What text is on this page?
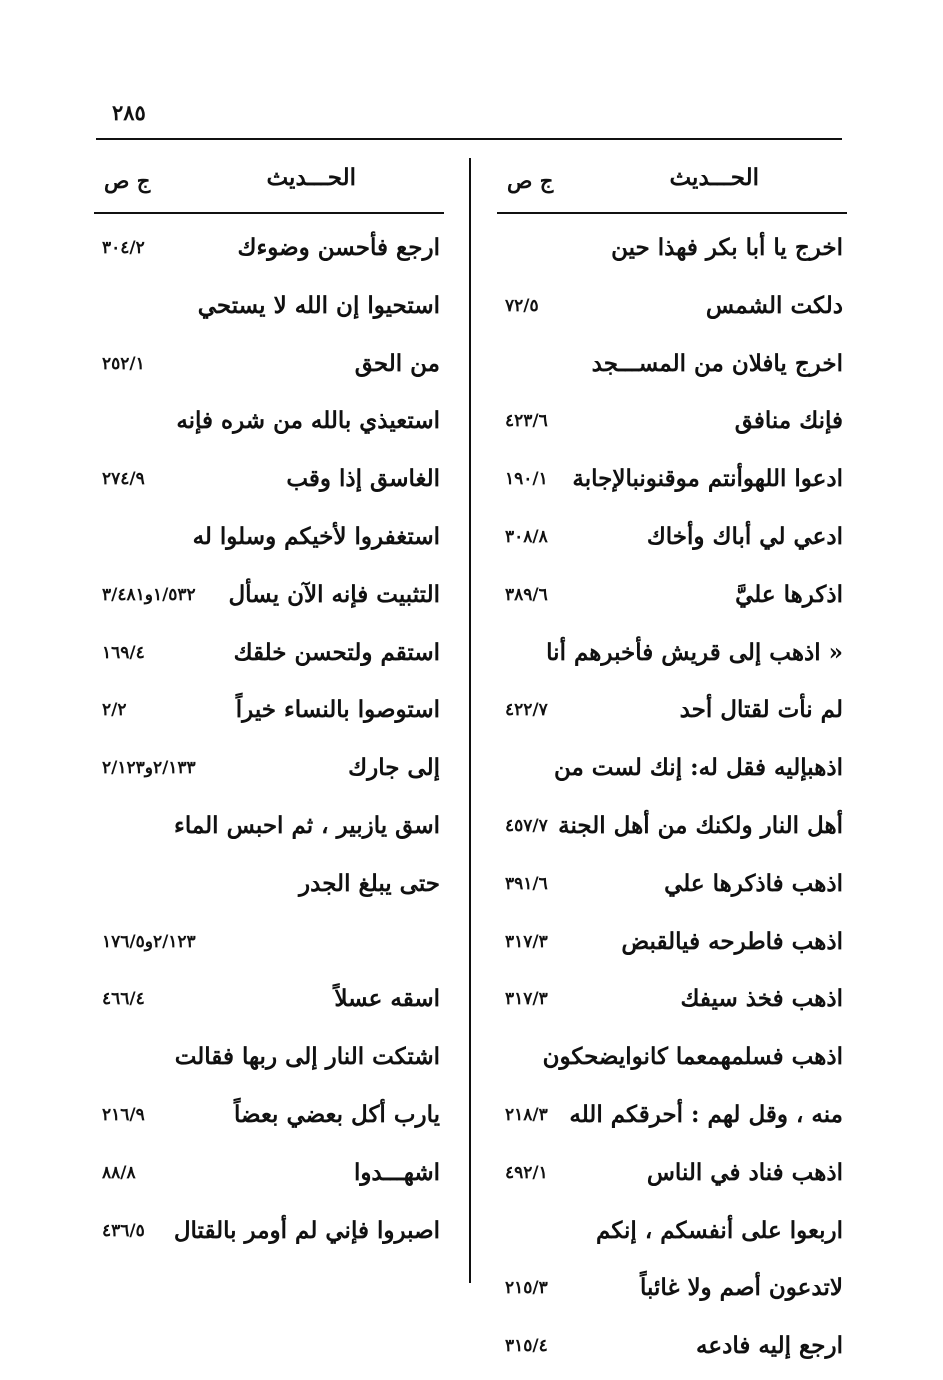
٢٨٥
الحـــديث
ج ص
اخرج يا أبا بكر فهذا حين
دلكت الشمس
٧٢/٥
اخرج يافلان من المســـجد
فإنك منافق
٤٢٣/٦
ادعوا اللهوأنتم موقنونبالإجابة
١٩٠/١
ادعي لي أباك وأخاك
٣٠٨/٨
اذكرها عليَّ
٣٨٩/٦
« اذهب إلى قريش فأخبرهم أنا
لم نأت لقتال أحد
٤٢٢/٧
اذهبإليه فقل له: إنك لست من
أهل النار ولكنك من أهل الجنة
٤٥٧/٧
اذهب فاذكرها علي
٣٩١/٦
اذهب فاطرحه فيالقبض
٣١٧/٣
اذهب فخذ سيفك
٣١٧/٣
اذهب فسلمهمعما كانوايضحكون
منه ، وقل لهم : أحرقكم الله
٢١٨/٣
اذهب فناد في الناس
٤٩٢/١
اربعوا على أنفسكم ، إنكم
لاتدعون أصم ولا غائباً
٢١٥/٣
ارجع إليه فادعه
٣١٥/٤
الحـــديث
ج ص
ارجع فأحسن وضوءك
٣٠٤/٢
استحيوا إن الله لا يستحي
من الحق
٢٥٢/١
استعيذي بالله من شره فإنه
الغاسق إذا وقب
٢٧٤/٩
استغفروا لأخيكم وسلوا له
التثبيت فإنه الآن يسأل
١/٥٣٢و٣/٤٨١
استقم ولتحسن خلقك
١٦٩/٤
استوصوا بالنساء خيراً
٢/٢
إلى جارك
٢/١٣٣و٢/١٢٣
اسق يازبير ، ثم احبس الماء
حتى يبلغ الجدر
٢/١٢٣و١٧٦/٥
اسقه عسلاً
٤٦٦/٤
اشتكت النار إلى ربها فقالت
يارب أكل بعضي بعضاً
٢١٦/٩
اشهـــدوا
٨٨/٨
اصبروا فإني لم أومر بالقتال
٤٣٦/٥
